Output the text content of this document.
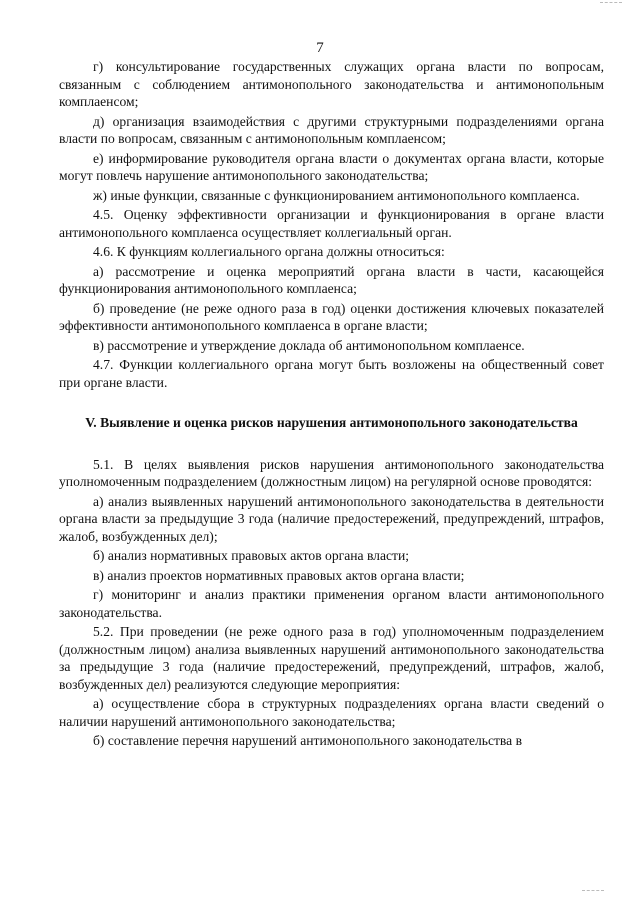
7

г) консультирование государственных служащих органа власти по вопросам, связанным с соблюдением антимонопольного законодательства и антимонопольным комплаенсом;

д) организация взаимодействия с другими структурными подразделениями органа власти по вопросам, связанным с антимонопольным комплаенсом;

е) информирование руководителя органа власти о документах органа власти, которые могут повлечь нарушение антимонопольного законодательства;

ж) иные функции, связанные с функционированием антимонопольного комплаенса.

4.5. Оценку эффективности организации и функционирования в органе власти антимонопольного комплаенса осуществляет коллегиальный орган.

4.6. К функциям коллегиального органа должны относиться:

а) рассмотрение и оценка мероприятий органа власти в части, касающейся функционирования антимонопольного комплаенса;

б) проведение (не реже одного раза в год) оценки достижения ключевых показателей эффективности антимонопольного комплаенса в органе власти;

в) рассмотрение и утверждение доклада об антимонопольном комплаенсе.

4.7. Функции коллегиального органа могут быть возложены на общественный совет при органе власти.

V. Выявление и оценка рисков нарушения антимонопольного законодательства

5.1. В целях выявления рисков нарушения антимонопольного законодательства уполномоченным подразделением (должностным лицом) на регулярной основе проводятся:

а) анализ выявленных нарушений антимонопольного законодательства в деятельности органа власти за предыдущие 3 года (наличие предостережений, предупреждений, штрафов, жалоб, возбужденных дел);

б) анализ нормативных правовых актов органа власти;

в) анализ проектов нормативных правовых актов органа власти;

г) мониторинг и анализ практики применения органом власти антимонопольного законодательства.

5.2. При проведении (не реже одного раза в год) уполномоченным подразделением (должностным лицом) анализа выявленных нарушений антимонопольного законодательства за предыдущие 3 года (наличие предостережений, предупреждений, штрафов, жалоб, возбужденных дел) реализуются следующие мероприятия:

а) осуществление сбора в структурных подразделениях органа власти сведений о наличии нарушений антимонопольного законодательства;

б) составление перечня нарушений антимонопольного законодательства в
